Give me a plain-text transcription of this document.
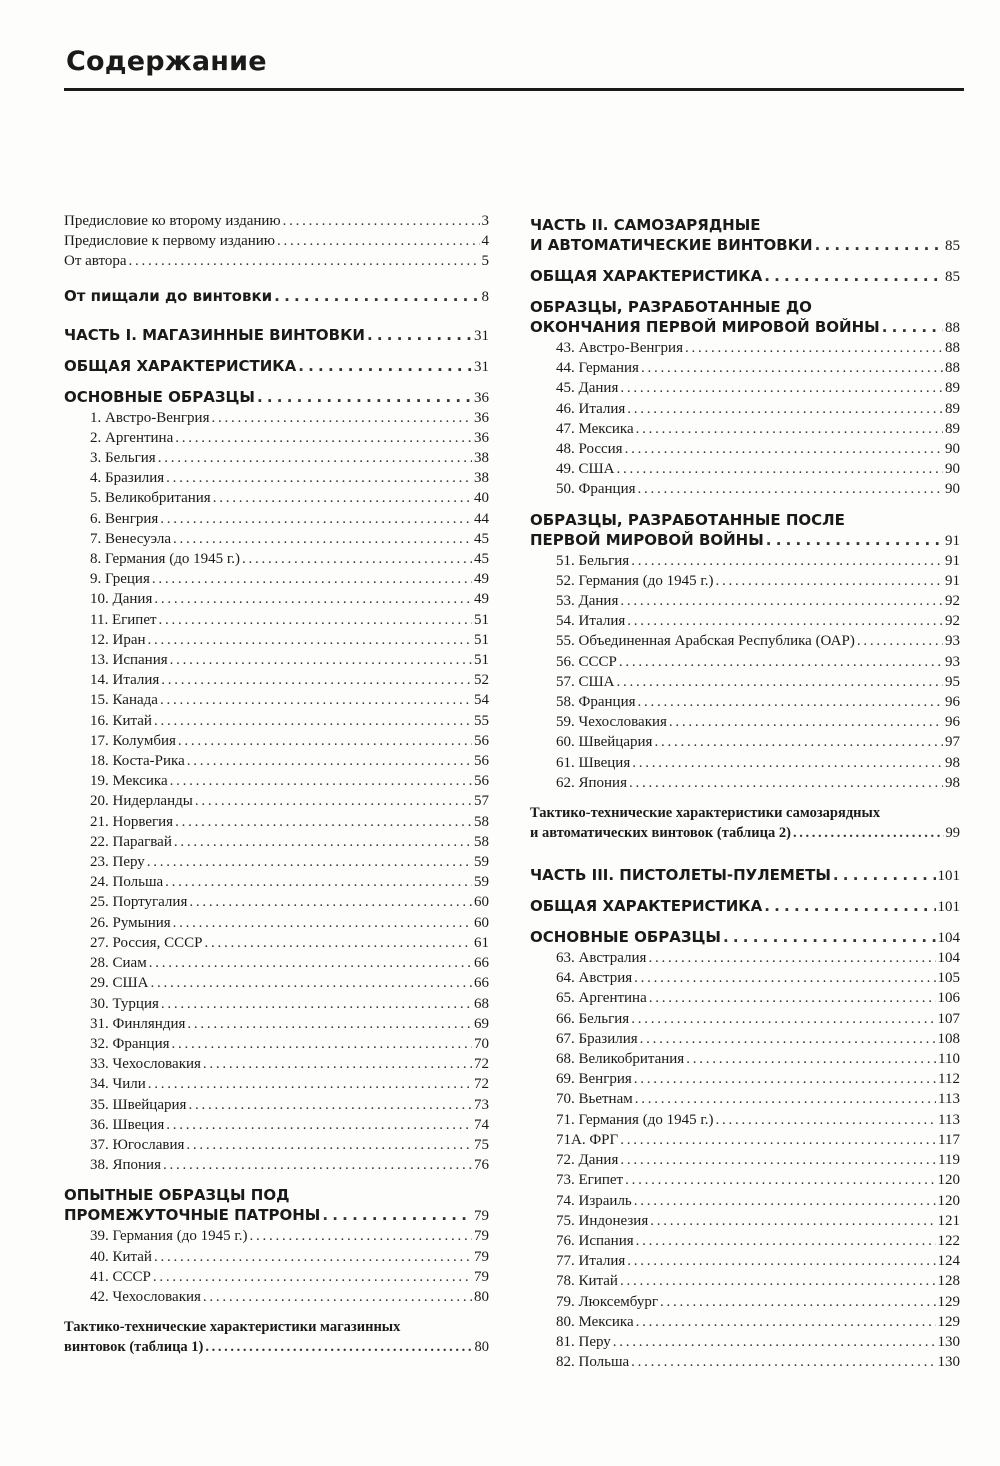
Содержание
Предисловие ко второму изданию . . .	3
Предисловие к первому изданию . . .	4
От автора . . .	5
От пищали до винтовки . . .	8
ЧАСТЬ I. МАГАЗИННЫЕ ВИНТОВКИ . . .	31
ОБЩАЯ ХАРАКТЕРИСТИКА . . .	31
ОСНОВНЫЕ ОБРАЗЦЫ . . .	36
1. Австро-Венгрия . . .	36
2. Аргентина . . .	36
3. Бельгия . . .	38
4. Бразилия . . .	38
5. Великобритания . . .	40
6. Венгрия . . .	44
7. Венесуэла . . .	45
8. Германия (до 1945 г.) . . .	45
9. Греция . . .	49
10. Дания . . .	49
11. Египет . . .	51
12. Иран . . .	51
13. Испания . . .	51
14. Италия . . .	52
15. Канада . . .	54
16. Китай . . .	55
17. Колумбия . . .	56
18. Коста-Рика . . .	56
19. Мексика . . .	56
20. Нидерланды . . .	57
21. Норвегия . . .	58
22. Парагвай . . .	58
23. Перу . . .	59
24. Польша . . .	59
25. Португалия . . .	60
26. Румыния . . .	60
27. Россия, СССР . . .	61
28. Сиам . . .	66
29. США . . .	66
30. Турция . . .	68
31. Финляндия . . .	69
32. Франция . . .	70
33. Чехословакия . . .	72
34. Чили . . .	72
35. Швейцария . . .	73
36. Швеция . . .	74
37. Югославия . . .	75
38. Япония . . .	76
ОПЫТНЫЕ ОБРАЗЦЫ ПОД
ПРОМЕЖУТОЧНЫЕ ПАТРОНЫ . . .	79
39. Германия (до 1945 г.) . . .	79
40. Китай . . .	79
41. СССР . . .	79
42. Чехословакия . . .	80
Тактико-технические характеристики магазинных
винтовок (таблица 1) . . .	80
ЧАСТЬ II. САМОЗАРЯДНЫЕ
И АВТОМАТИЧЕСКИЕ ВИНТОВКИ . . .	85
ОБЩАЯ ХАРАКТЕРИСТИКА . . .	85
ОБРАЗЦЫ, РАЗРАБОТАННЫЕ ДО
ОКОНЧАНИЯ ПЕРВОЙ МИРОВОЙ ВОЙНЫ . . .	88
43. Австро-Венгрия . . .	88
44. Германия . . .	88
45. Дания . . .	89
46. Италия . . .	89
47. Мексика . . .	89
48. Россия . . .	90
49. США . . .	90
50. Франция . . .	90
ОБРАЗЦЫ, РАЗРАБОТАННЫЕ ПОСЛЕ
ПЕРВОЙ МИРОВОЙ ВОЙНЫ . . .	91
51. Бельгия . . .	91
52. Германия (до 1945 г.) . . .	91
53. Дания . . .	92
54. Италия . . .	92
55. Объединенная Арабская Республика (ОАР) . . .	93
56. СССР . . .	93
57. США . . .	95
58. Франция . . .	96
59. Чехословакия . . .	96
60. Швейцария . . .	97
61. Швеция . . .	98
62. Япония . . .	98
Тактико-технические характеристики самозарядных
и автоматических винтовок (таблица 2) . . .	99
ЧАСТЬ III. ПИСТОЛЕТЫ-ПУЛЕМЕТЫ . . .	101
ОБЩАЯ ХАРАКТЕРИСТИКА . . .	101
ОСНОВНЫЕ ОБРАЗЦЫ . . .	104
63. Австралия . . .	104
64. Австрия . . .	105
65. Аргентина . . .	106
66. Бельгия . . .	107
67. Бразилия . . .	108
68. Великобритания . . .	110
69. Венгрия . . .	112
70. Вьетнам . . .	113
71. Германия (до 1945 г.) . . .	113
71А. ФРГ . . .	117
72. Дания . . .	119
73. Египет . . .	120
74. Израиль . . .	120
75. Индонезия . . .	121
76. Испания . . .	122
77. Италия . . .	124
78. Китай . . .	128
79. Люксембург . . .	129
80. Мексика . . .	129
81. Перу . . .	130
82. Польша . . .	130
